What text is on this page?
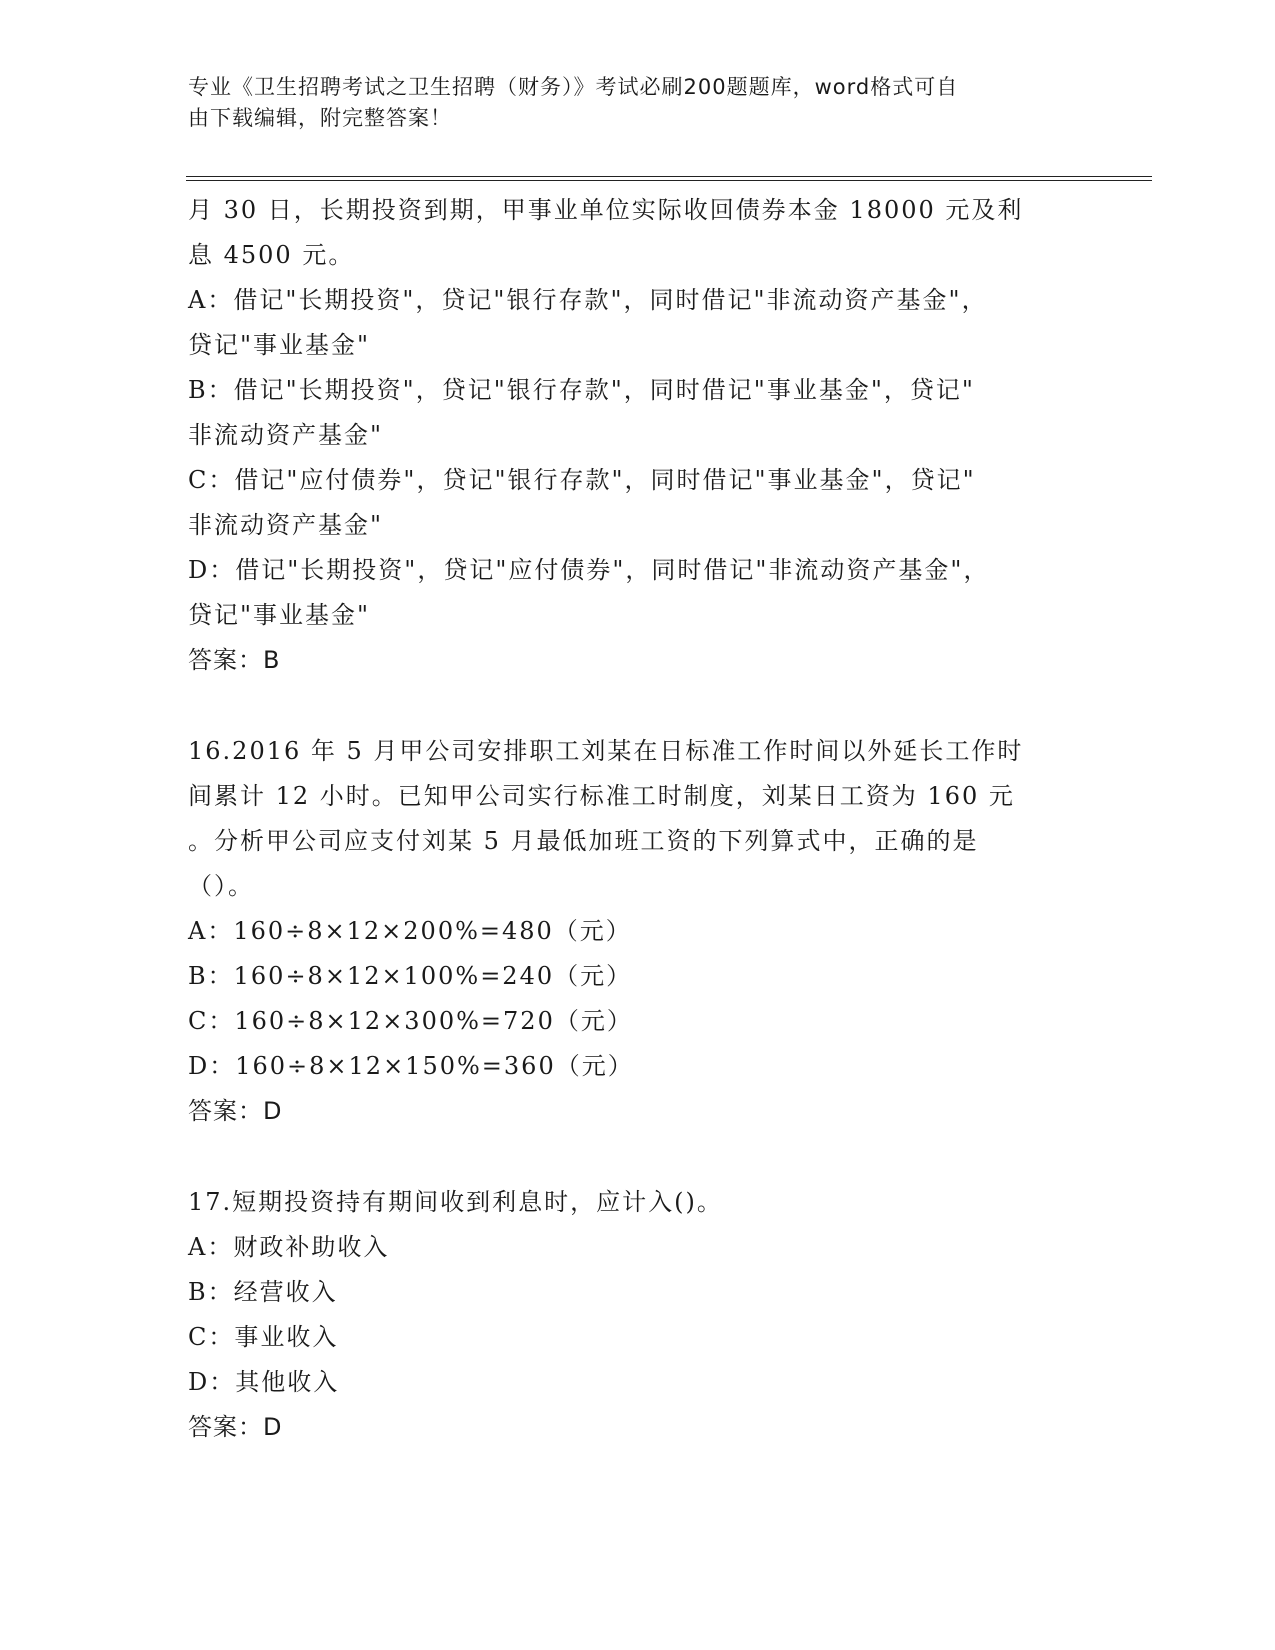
专业《卫生招聘考试之卫生招聘（财务）》考试必刷200题题库，word格式可自
由下载编辑，附完整答案！
月 30 日，长期投资到期，甲事业单位实际收回债券本金 18000 元及利
息 4500 元。
A：借记"长期投资"，贷记"银行存款"，同时借记"非流动资产基金"，
贷记"事业基金"
B：借记"长期投资"，贷记"银行存款"，同时借记"事业基金"，贷记"
非流动资产基金"
C：借记"应付债券"，贷记"银行存款"，同时借记"事业基金"，贷记"
非流动资产基金"
D：借记"长期投资"，贷记"应付债券"，同时借记"非流动资产基金"，
贷记"事业基金"
答案：B
16.2016 年 5 月甲公司安排职工刘某在日标准工作时间以外延长工作时
间累计 12 小时。已知甲公司实行标准工时制度，刘某日工资为 160 元
。分析甲公司应支付刘某 5 月最低加班工资的下列算式中，正确的是
（）。
A：160÷8×12×200%=480（元）
B：160÷8×12×100%=240（元）
C：160÷8×12×300%=720（元）
D：160÷8×12×150%=360（元）
答案：D
17.短期投资持有期间收到利息时，应计入()。
A：财政补助收入
B：经营收入
C：事业收入
D：其他收入
答案：D
